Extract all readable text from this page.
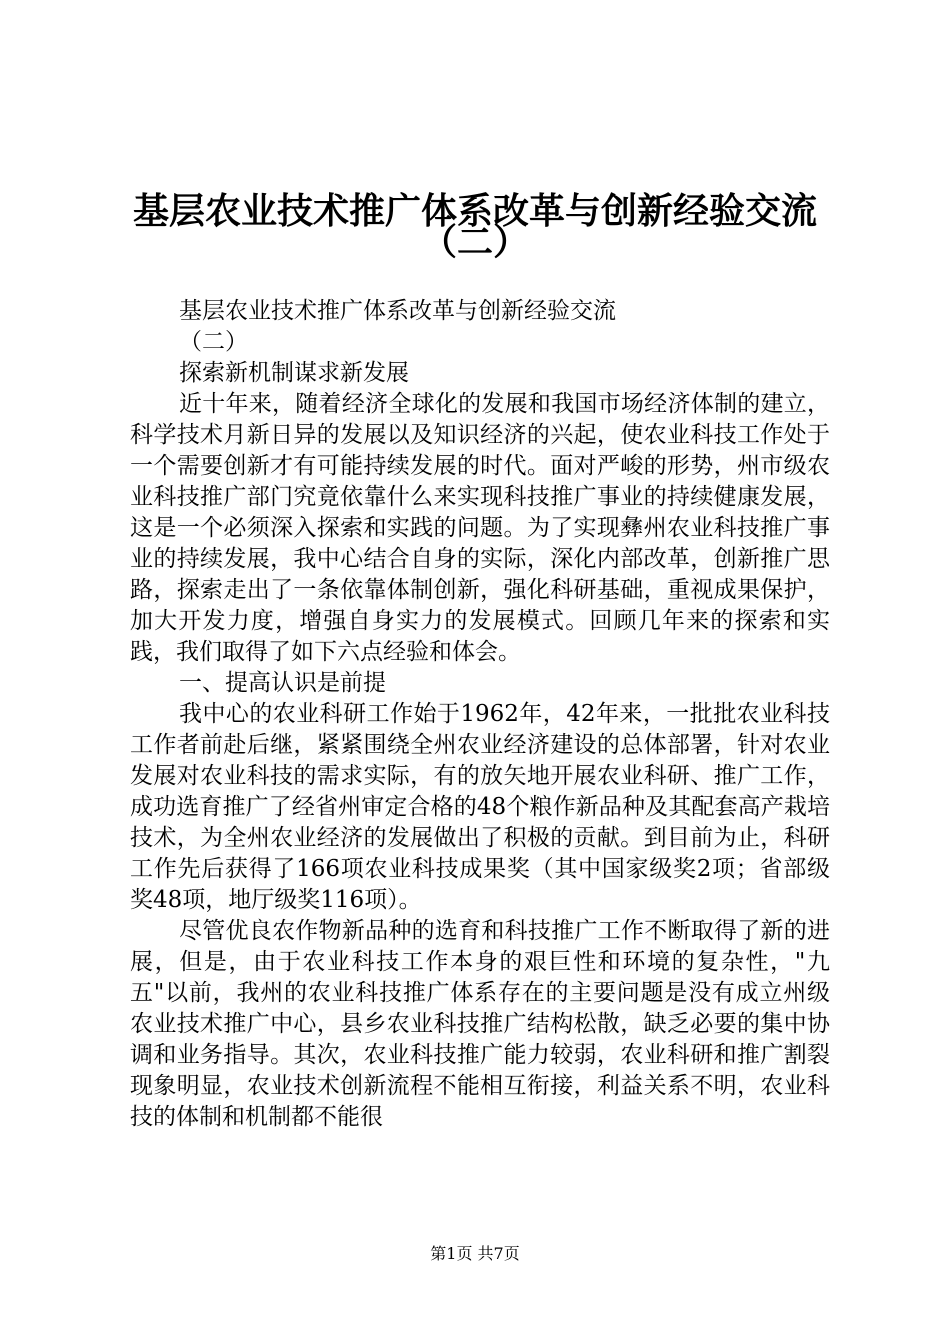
基层农业技术推广体系改革与创新经验交流
（二）

基层农业技术推广体系改革与创新经验交流

（二）

探索新机制谋求新发展

近十年来，随着经济全球化的发展和我国市场经济体制的建立，科学技术月新日异的发展以及知识经济的兴起，使农业科技工作处于一个需要创新才有可能持续发展的时代。面对严峻的形势，州市级农业科技推广部门究竟依靠什么来实现科技推广事业的持续健康发展，这是一个必须深入探索和实践的问题。为了实现彝州农业科技推广事业的持续发展，我中心结合自身的实际，深化内部改革，创新推广思路，探索走出了一条依靠体制创新，强化科研基础，重视成果保护，加大开发力度，增强自身实力的发展模式。回顾几年来的探索和实践，我们取得了如下六点经验和体会。

一、提高认识是前提

我中心的农业科研工作始于1962年，42年来，一批批农业科技工作者前赴后继，紧紧围绕全州农业经济建设的总体部署，针对农业发展对农业科技的需求实际，有的放矢地开展农业科研、推广工作，成功选育推广了经省州审定合格的48个粮作新品种及其配套高产栽培技术，为全州农业经济的发展做出了积极的贡献。到目前为止，科研工作先后获得了166项农业科技成果奖（其中国家级奖2项；省部级奖48项，地厅级奖116项）。

尽管优良农作物新品种的选育和科技推广工作不断取得了新的进展，但是，由于农业科技工作本身的艰巨性和环境的复杂性，"九五"以前，我州的农业科技推广体系存在的主要问题是没有成立州级农业技术推广中心，县乡农业科技推广结构松散，缺乏必要的集中协调和业务指导。其次，农业科技推广能力较弱，农业科研和推广割裂现象明显，农业技术创新流程不能相互衔接，利益关系不明，农业科技的体制和机制都不能很

第1页 共7页
